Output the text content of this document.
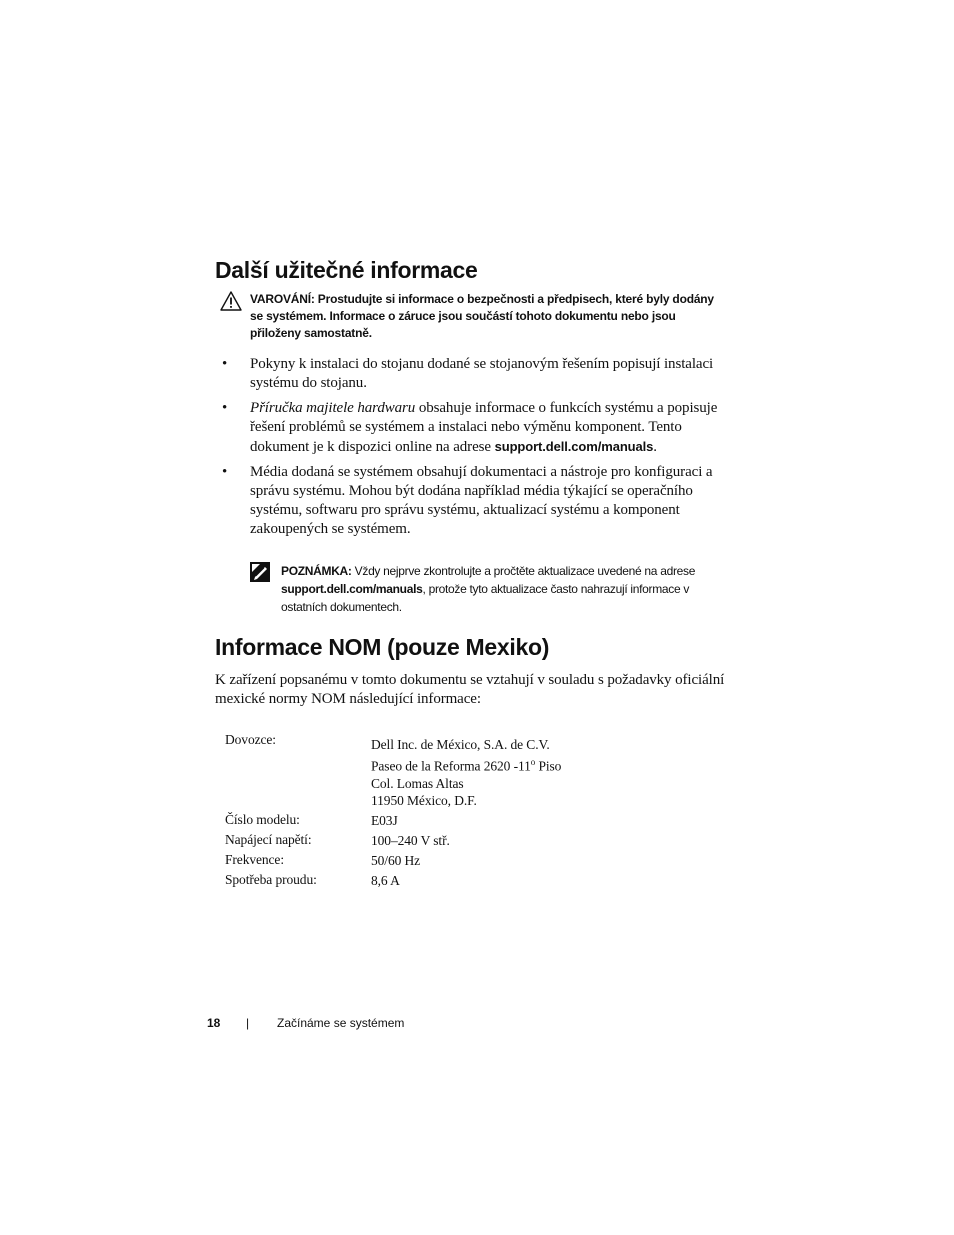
Další užitečné informace
VAROVÁNÍ: Prostudujte si informace o bezpečnosti a předpisech, které byly dodány se systémem. Informace o záruce jsou součástí tohoto dokumentu nebo jsou přiloženy samostatně.
• Pokyny k instalaci do stojanu dodané se stojanovým řešením popisují instalaci systému do stojanu.
• Příručka majitele hardwaru obsahuje informace o funkcích systému a popisuje řešení problémů se systémem a instalaci nebo výměnu komponent. Tento dokument je k dispozici online na adrese support.dell.com/manuals.
• Média dodaná se systémem obsahují dokumentaci a nástroje pro konfiguraci a správu systému. Mohou být dodána například média týkající se operačního systému, softwaru pro správu systému, aktualizací systému a komponent zakoupených se systémem.
POZNÁMKA: Vždy nejprve zkontrolujte a pročtěte aktualizace uvedené na adrese support.dell.com/manuals, protože tyto aktualizace často nahrazují informace v ostatních dokumentech.
Informace NOM (pouze Mexiko)

K zařízení popsanému v tomto dokumentu se vztahují v souladu s požadavky oficiální mexické normy NOM následující informace:

Dovozce:	Dell Inc. de México, S.A. de C.V.
Paseo de la Reforma 2620 -11$^o$ Piso
Col. Lomas Altas
11950 México, D.F.
Číslo modelu:	E03J
Napájecí napětí:	100–240 V stř.
Frekvence:	50/60 Hz
Spotřeba proudu:	8,6 A
18 | Začínáme se systémem
